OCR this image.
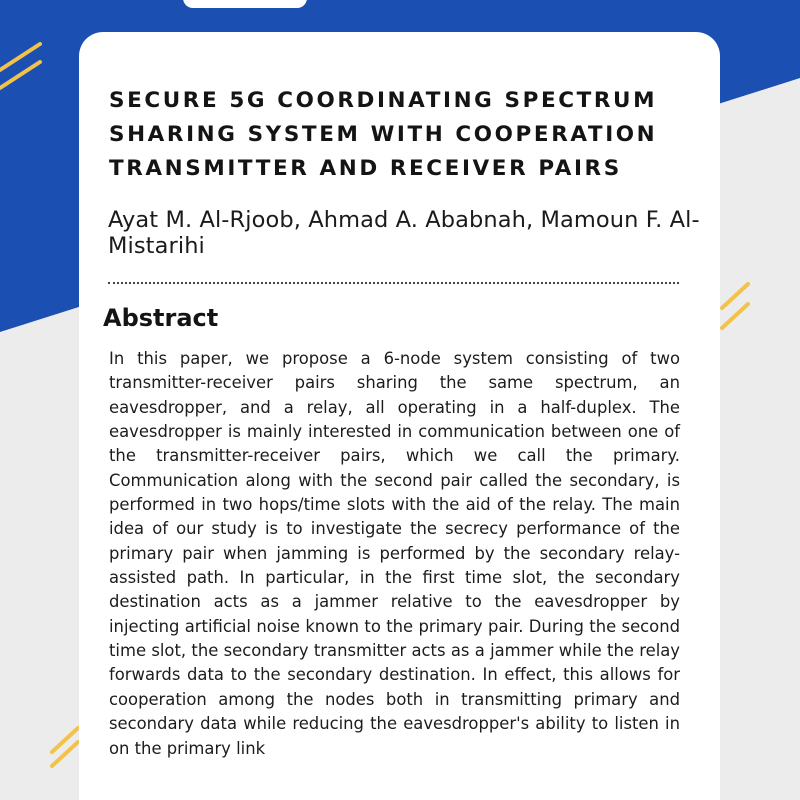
SECURE 5G COORDINATING SPECTRUM SHARING SYSTEM WITH COOPERATION TRANSMITTER AND RECEIVER PAIRS

Ayat M. Al-Rjoob, Ahmad A. Ababnah, Mamoun F. Al-Mistarihi

Abstract

In this paper, we propose a 6-node system consisting of two transmitter-receiver pairs sharing the same spectrum, an eavesdropper, and a relay, all operating in a half-duplex. The eavesdropper is mainly interested in communication between one of the transmitter-receiver pairs, which we call the primary. Communication along with the second pair called the secondary, is performed in two hops/time slots with the aid of the relay. The main idea of our study is to investigate the secrecy performance of the primary pair when jamming is performed by the secondary relay-assisted path. In particular, in the first time slot, the secondary destination acts as a jammer relative to the eavesdropper by injecting artificial noise known to the primary pair. During the second time slot, the secondary transmitter acts as a jammer while the relay forwards data to the secondary destination. In effect, this allows for cooperation among the nodes both in transmitting primary and secondary data while reducing the eavesdropper's ability to listen in on the primary link
